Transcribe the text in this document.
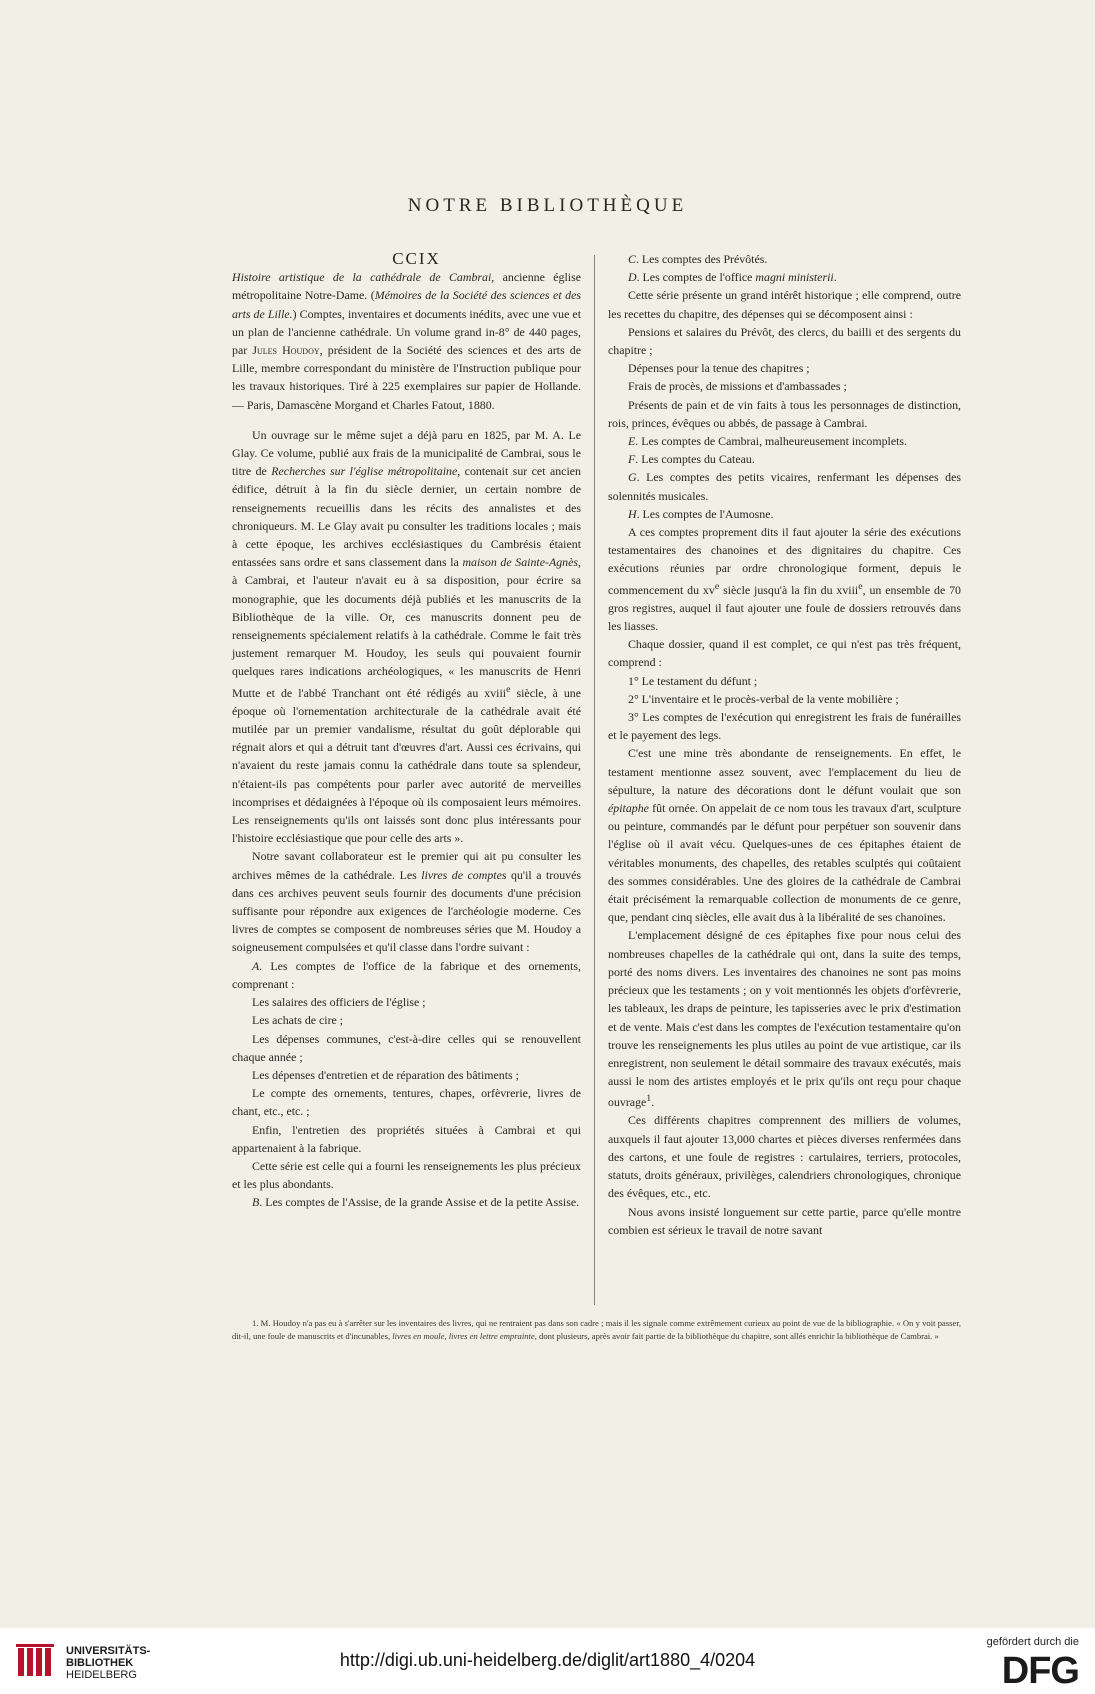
NOTRE BIBLIOTHÈQUE

CCIX

Histoire artistique de la cathédrale de Cambrai, ancienne église métropolitaine Notre-Dame. (Mémoires de la Société des sciences et des arts de Lille.) Comptes, inventaires et documents inédits, avec une vue et un plan de l'ancienne cathédrale. Un volume grand in-8° de 440 pages, par Jules Houdoy, président de la Société des sciences et des arts de Lille, membre correspondant du ministère de l'Instruction publique pour les travaux historiques. Tiré à 225 exemplaires sur papier de Hollande. — Paris, Damascène Morgand et Charles Fatout, 1880.

Un ouvrage sur le même sujet a déjà paru en 1825, par M. A. Le Glay. Ce volume, publié aux frais de la municipalité de Cambrai, sous le titre de Recherches sur l'église métropolitaine, contenait sur cet ancien édifice, détruit à la fin du siècle dernier, un certain nombre de renseignements recueillis dans les récits des annalistes et des chroniqueurs. M. Le Glay avait pu consulter les traditions locales ; mais à cette époque, les archives ecclésiastiques du Cambrésis étaient entassées sans ordre et sans classement dans la maison de Sainte-Agnès, à Cambrai, et l'auteur n'avait eu à sa disposition, pour écrire sa monographie, que les documents déjà publiés et les manuscrits de la Bibliothèque de la ville. Or, ces manuscrits donnent peu de renseignements spécialement relatifs à la cathédrale. Comme le fait très justement remarquer M. Houdoy, les seuls qui pouvaient fournir quelques rares indications archéologiques, « les manuscrits de Henri Mutte et de l'abbé Tranchant ont été rédigés au xviii$^e$ siècle, à une époque où l'ornementation architecturale de la cathédrale avait été mutilée par un premier vandalisme, résultat du goût déplorable qui régnait alors et qui a détruit tant d'œuvres d'art. Aussi ces écrivains, qui n'avaient du reste jamais connu la cathédrale dans toute sa splendeur, n'étaient-ils pas compétents pour parler avec autorité de merveilles incomprises et dédaignées à l'époque où ils composaient leurs mémoires. Les renseignements qu'ils ont laissés sont donc plus intéressants pour l'histoire ecclésiastique que pour celle des arts ».

Notre savant collaborateur est le premier qui ait pu consulter les archives mêmes de la cathédrale. Les livres de comptes qu'il a trouvés dans ces archives peuvent seuls fournir des documents d'une précision suffisante pour répondre aux exigences de l'archéologie moderne. Ces livres de comptes se composent de nombreuses séries que M. Houdoy a soigneusement compulsées et qu'il classe dans l'ordre suivant :

A. Les comptes de l'office de la fabrique et des ornements, comprenant :

Les salaires des officiers de l'église ;

Les achats de cire ;

Les dépenses communes, c'est-à-dire celles qui se renouvellent chaque année ;

Les dépenses d'entretien et de réparation des bâtiments ;

Le compte des ornements, tentures, chapes, orfèvrerie, livres de chant, etc., etc. ;

Enfin, l'entretien des propriétés situées à Cambrai et qui appartenaient à la fabrique.

Cette série est celle qui a fourni les renseignements les plus précieux et les plus abondants.

B. Les comptes de l'Assise, de la grande Assise et de la petite Assise.

C. Les comptes des Prévôtés.

D. Les comptes de l'office magni ministerii.

Cette série présente un grand intérêt historique ; elle comprend, outre les recettes du chapitre, des dépenses qui se décomposent ainsi :

Pensions et salaires du Prévôt, des clercs, du bailli et des sergents du chapitre ;

Dépenses pour la tenue des chapitres ;

Frais de procès, de missions et d'ambassades ;

Présents de pain et de vin faits à tous les personnages de distinction, rois, princes, évêques ou abbés, de passage à Cambrai.

E. Les comptes de Cambrai, malheureusement incomplets.

F. Les comptes du Cateau.

G. Les comptes des petits vicaires, renfermant les dépenses des solennités musicales.

H. Les comptes de l'Aumosne.

A ces comptes proprement dits il faut ajouter la série des exécutions testamentaires des chanoines et des dignitaires du chapitre. Ces exécutions réunies par ordre chronologique forment, depuis le commencement du $xv^e$ siècle jusqu'à la fin du xviii$^e$, un ensemble de 70 gros registres, auquel il faut ajouter une foule de dossiers retrouvés dans les liasses.

Chaque dossier, quand il est complet, ce qui n'est pas très fréquent, comprend :

1° Le testament du défunt ;

2° L'inventaire et le procès-verbal de la vente mobilière ;

3° Les comptes de l'exécution qui enregistrent les frais de funérailles et le payement des legs.

C'est une mine très abondante de renseignements. En effet, le testament mentionne assez souvent, avec l'emplacement du lieu de sépulture, la nature des décorations dont le défunt voulait que son épitaphe fût ornée. On appelait de ce nom tous les travaux d'art, sculpture ou peinture, commandés par le défunt pour perpétuer son souvenir dans l'église où il avait vécu. Quelques-unes de ces épitaphes étaient de véritables monuments, des chapelles, des retables sculptés qui coûtaient des sommes considérables. Une des gloires de la cathédrale de Cambrai était précisément la remarquable collection de monuments de ce genre, que, pendant cinq siècles, elle avait dus à la libéralité de ses chanoines.

L'emplacement désigné de ces épitaphes fixe pour nous celui des nombreuses chapelles de la cathédrale qui ont, dans la suite des temps, porté des noms divers. Les inventaires des chanoines ne sont pas moins précieux que les testaments ; on y voit mentionnés les objets d'orfèvrerie, les tableaux, les draps de peinture, les tapisseries avec le prix d'estimation et de vente. Mais c'est dans les comptes de l'exécution testamentaire qu'on trouve les renseignements les plus utiles au point de vue artistique, car ils enregistrent, non seulement le détail sommaire des travaux exécutés, mais aussi le nom des artistes employés et le prix qu'ils ont reçu pour chaque ouvrage$^1$.

Ces différents chapitres comprennent des milliers de volumes, auxquels il faut ajouter 13,000 chartes et pièces diverses renfermées dans des cartons, et une foule de registres : cartulaires, terriers, protocoles, statuts, droits généraux, privilèges, calendriers chronologiques, chronique des évêques, etc., etc.

Nous avons insisté longuement sur cette partie, parce qu'elle montre combien est sérieux le travail de notre savant

1. M. Houdoy n'a pas eu à s'arrêter sur les inventaires des livres, qui ne rentraient pas dans son cadre ; mais il les signale comme extrêmement curieux au point de vue de la bibliographie. « On y voit passer, dit-il, une foule de manuscrits et d'incunables, livres en moule, livres en lettre emprainte, dont plusieurs, après avoir fait partie de la bibliothèque du chapitre, sont allés enrichir la bibliothèque de Cambrai. »

UNIVERSITÄTS-
BIBLIOTHEK
HEIDELBERG
http://digi.ub.uni-heidelberg.de/diglit/art1880_4/0204
gefördert durch die
DFG
